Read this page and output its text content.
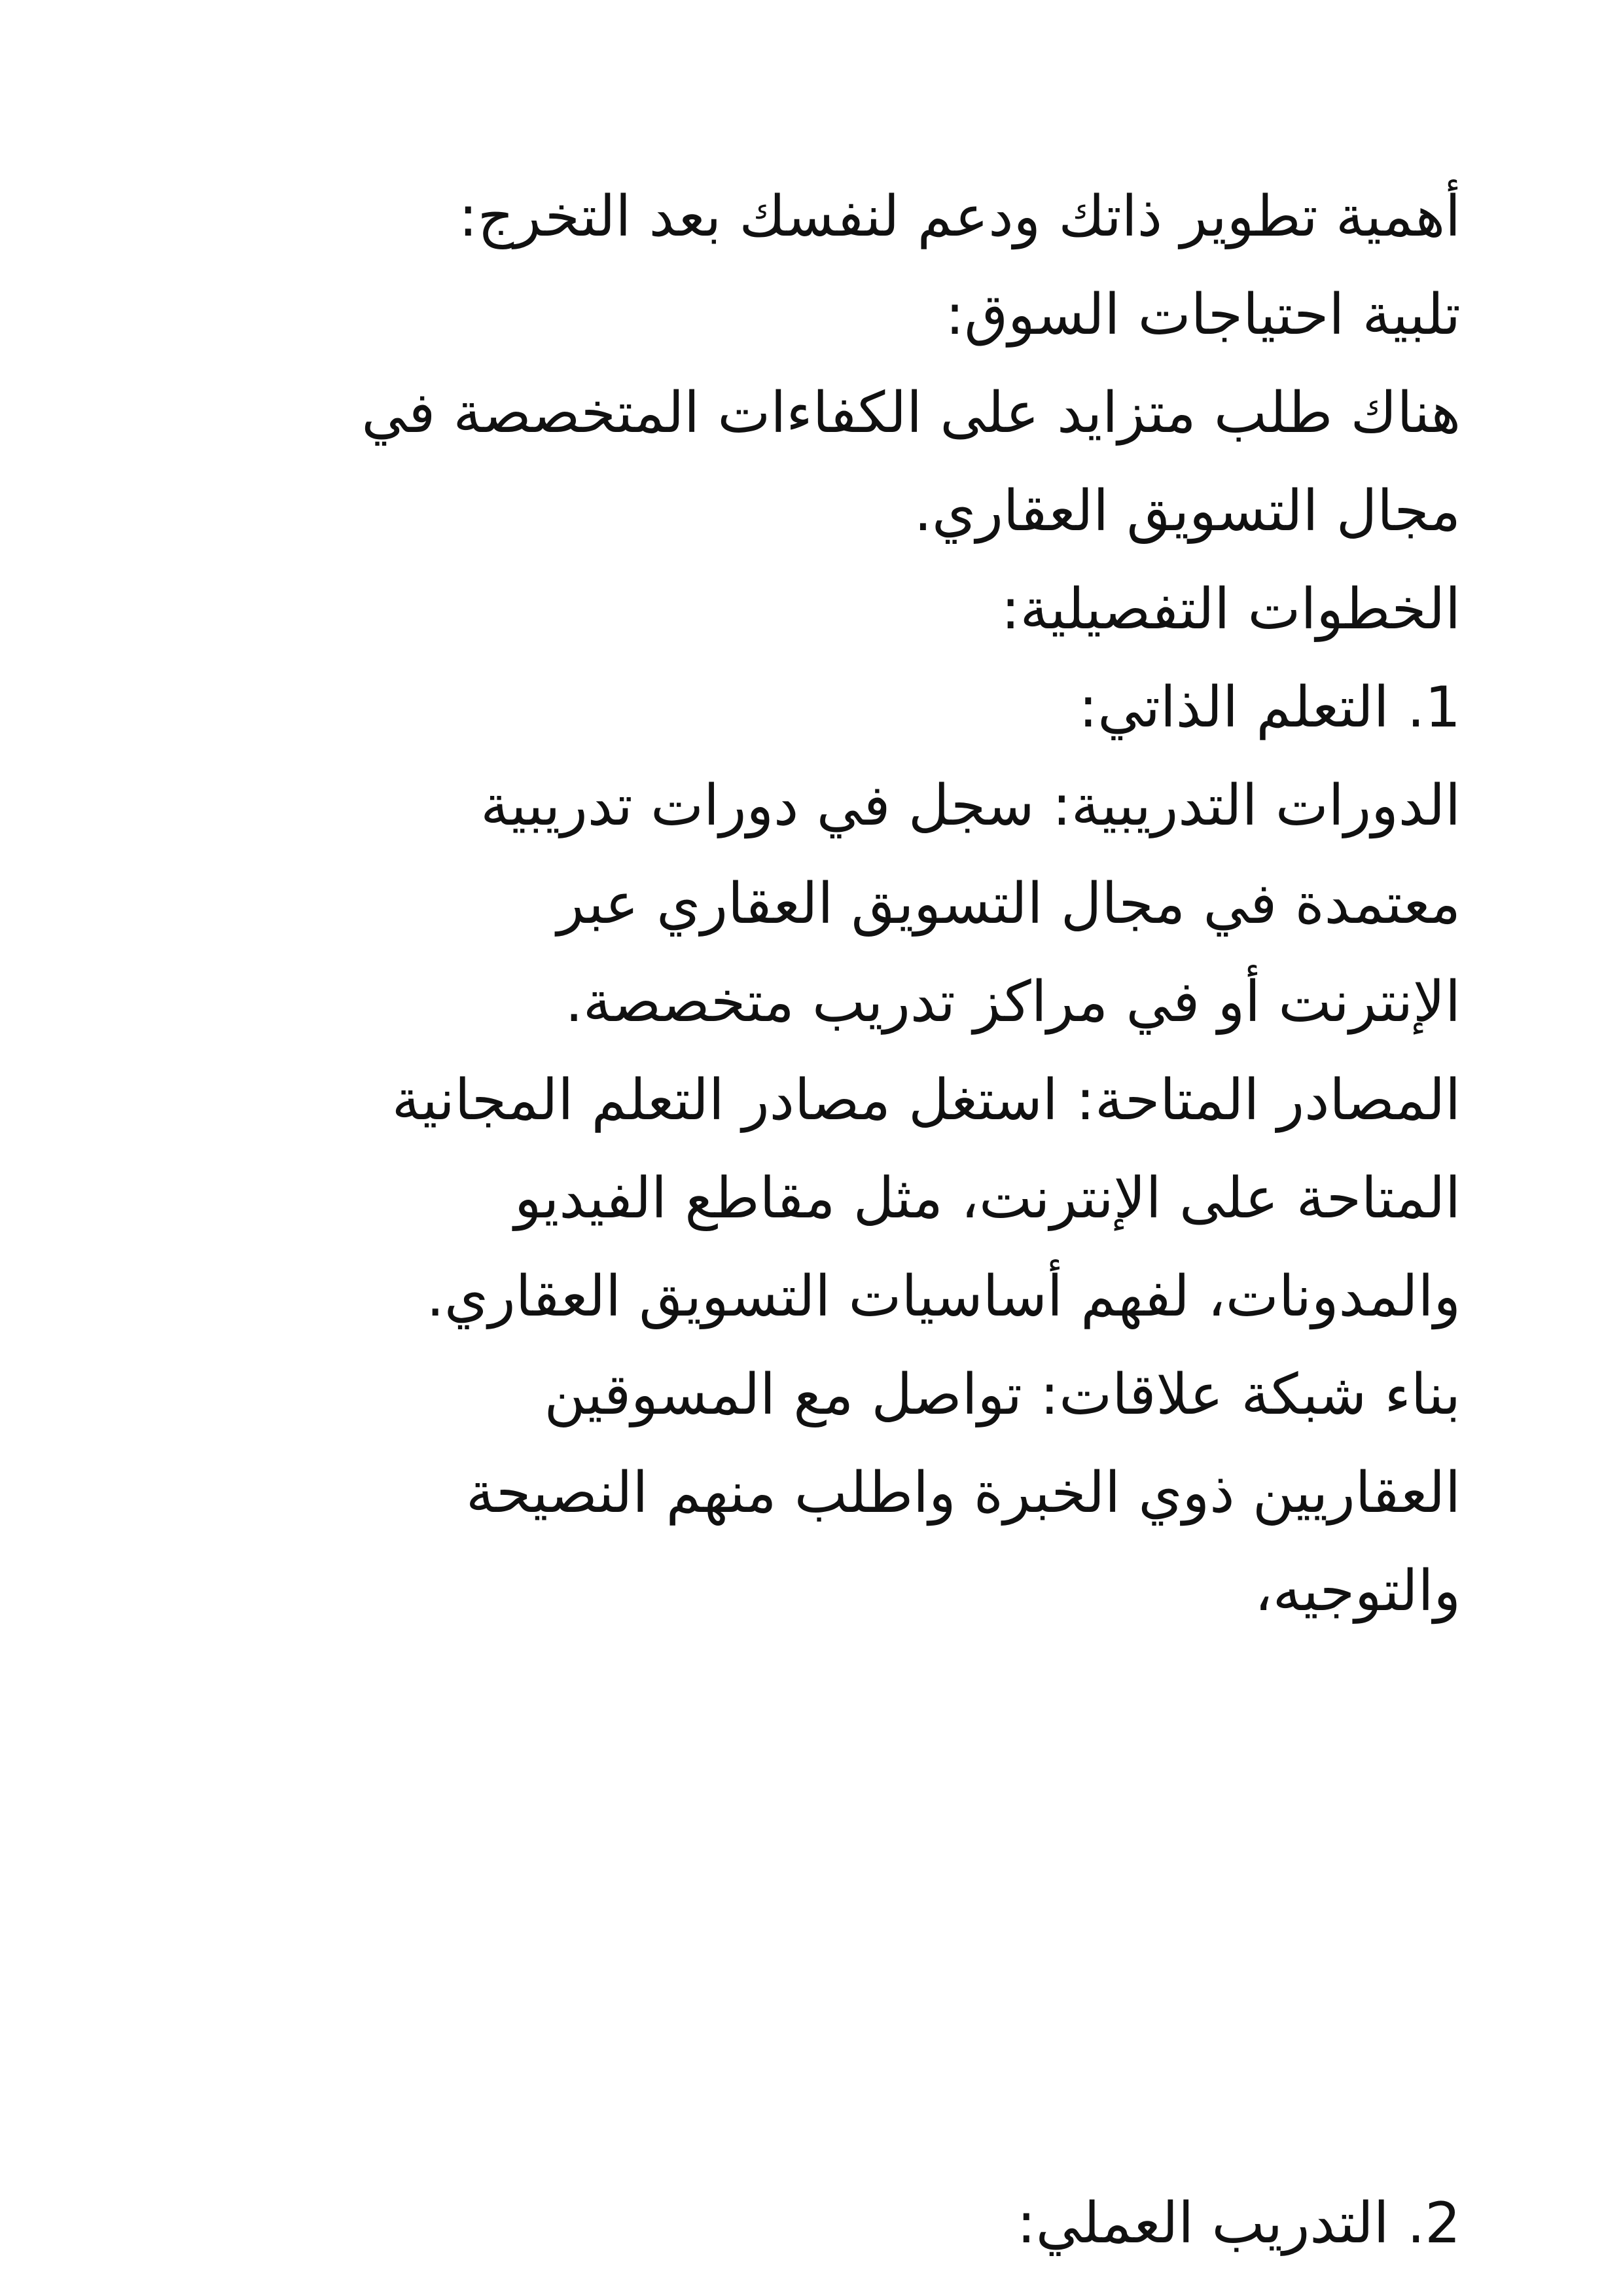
أهمية تطوير ذاتك ودعم لنفسك بعد التخرج:
تلبية احتياجات السوق:
هناك طلب متزايد على الكفاءات المتخصصة في
مجال التسويق العقاري.
الخطوات التفصيلية:
1. التعلم الذاتي:
الدورات التدريبية: سجل في دورات تدريبية
معتمدة في مجال التسويق العقاري عبر
الإنترنت أو في مراكز تدريب متخصصة.
المصادر المتاحة: استغل مصادر التعلم المجانية
المتاحة على الإنترنت، مثل مقاطع الفيديو
والمدونات، لفهم أساسيات التسويق العقاري.
بناء شبكة علاقات: تواصل مع المسوقين
العقاريين ذوي الخبرة واطلب منهم النصيحة
والتوجيه،
2. التدريب العملي:
